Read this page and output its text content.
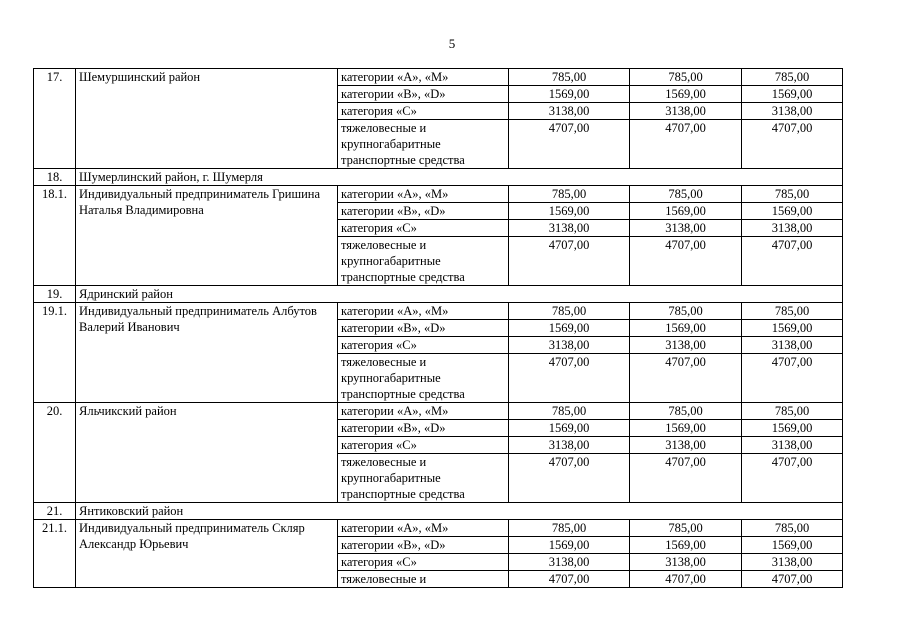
5
17.	Шемуршинский район	категории «А», «М»	785,00	785,00	785,00
		категории «В», «D»	1569,00	1569,00	1569,00
		категория «С»	3138,00	3138,00	3138,00
		тяжеловесные и крупногабаритные транспортные средства	4707,00	4707,00	4707,00
18.	Шумерлинский район, г. Шумерля				
18.1.	Индивидуальный предприниматель Гришина Наталья Владимировна	категории «А», «М»	785,00	785,00	785,00
		категории «В», «D»	1569,00	1569,00	1569,00
		категория «С»	3138,00	3138,00	3138,00
		тяжеловесные и крупногабаритные транспортные средства	4707,00	4707,00	4707,00
19.	Ядринский район				
19.1.	Индивидуальный предприниматель Албутов Валерий Иванович	категории «А», «М»	785,00	785,00	785,00
		категории «В», «D»	1569,00	1569,00	1569,00
		категория «С»	3138,00	3138,00	3138,00
		тяжеловесные и крупногабаритные транспортные средства	4707,00	4707,00	4707,00
20.	Яльчикский район	категории «А», «М»	785,00	785,00	785,00
		категории «В», «D»	1569,00	1569,00	1569,00
		категория «С»	3138,00	3138,00	3138,00
		тяжеловесные и крупногабаритные транспортные средства	4707,00	4707,00	4707,00
21.	Янтиковский район				
21.1.	Индивидуальный предприниматель Скляр Александр Юрьевич	категории «А», «М»	785,00	785,00	785,00
		категории «В», «D»	1569,00	1569,00	1569,00
		категория «С»	3138,00	3138,00	3138,00
		тяжеловесные и	4707,00	4707,00	4707,00
